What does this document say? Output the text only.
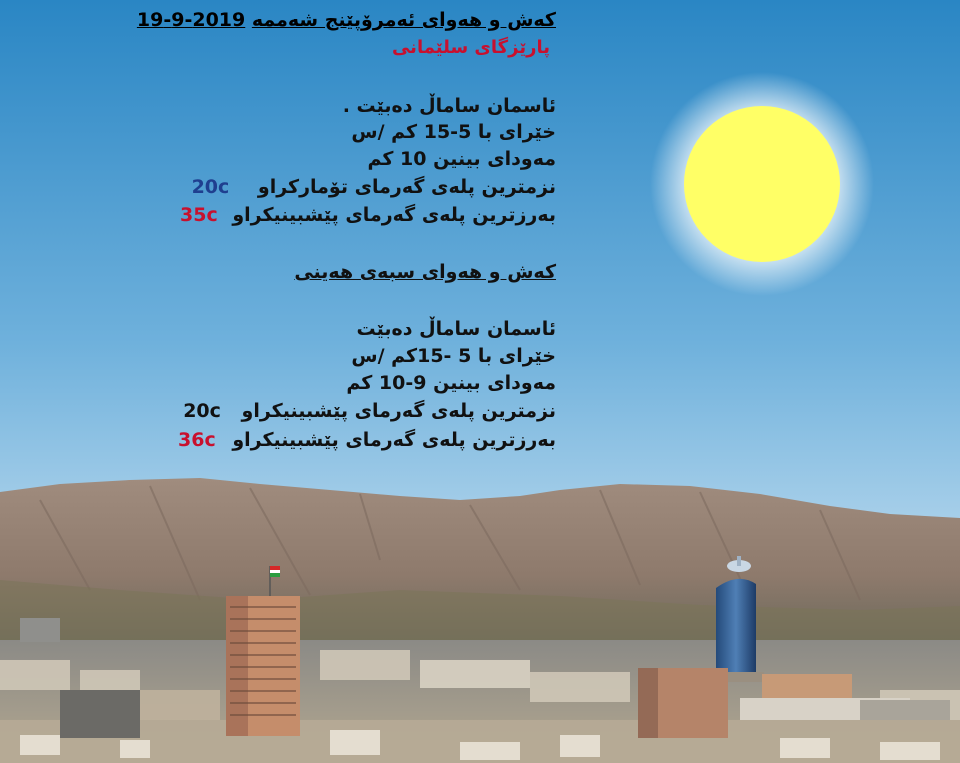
کەش و هەوای ئەمرۆپێنج شەممە 2019-9-19
پارێزگای سلێمانی
ئاسمان ساماڵ دەبێت .
خێرای با 5-15 کم /س
مەودای بینین 10 کم
نزمترین پلەی گەرمای تۆمارکراو 20c
بەرزترین پلەی گەرمای پێشبینیکراو 35c
کەش و هەوای سبەی هەینی
ئاسمان ساماڵ دەبێت
خێرای با 5 -15کم /س
مەودای بینین 9-10 کم
نزمترین پلەی گەرمای پێشبینیکراو 20c
بەرزترین پلەی گەرمای پێشبینیکراو 36c
